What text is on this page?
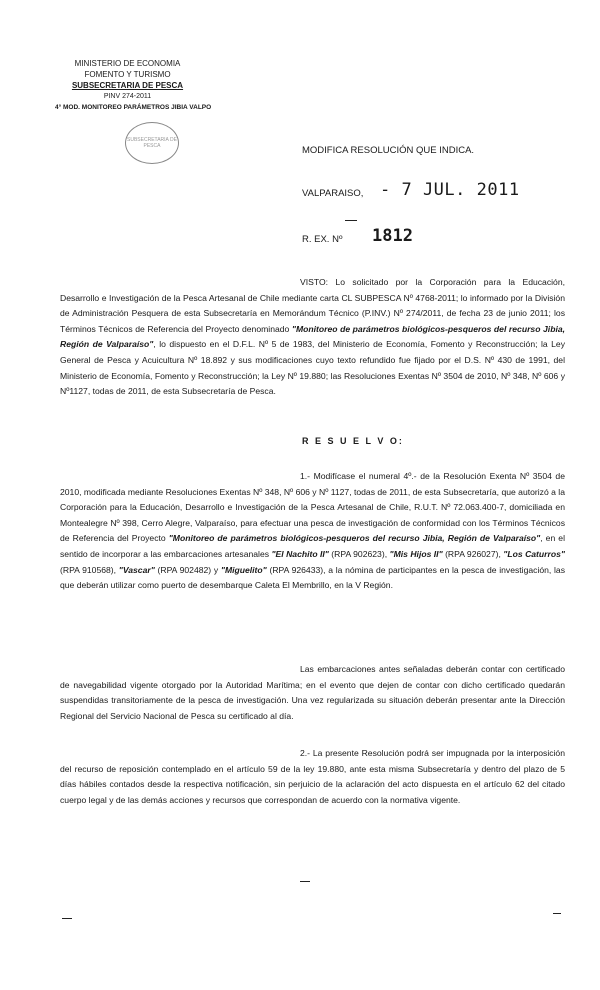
MINISTERIO DE ECONOMIA
FOMENTO Y TURISMO
SUBSECRETARIA DE PESCA
PINV 274-2011
4° MOD. MONITOREO PARÁMETROS JIBIA VALPO
SUBSECRETARIA DE PESCA	MODIFICA RESOLUCIÓN QUE INDICA.
VALPARAISO, - 7 JUL. 2011
R. EX. Nº 1812
VISTO: Lo solicitado por la Corporación para la Educación, Desarrollo e Investigación de la Pesca Artesanal de Chile mediante carta CL SUBPESCA Nº 4768-2011; lo informado por la División de Administración Pesquera de esta Subsecretaría en Memorándum Técnico (P.INV.) Nº 274/2011, de fecha 23 de junio 2011; los Términos Técnicos de Referencia del Proyecto denominado "Monitoreo de parámetros biológicos-pesqueros del recurso Jibia, Región de Valparaíso", lo dispuesto en el D.F.L. Nº 5 de 1983, del Ministerio de Economía, Fomento y Reconstrucción; la Ley General de Pesca y Acuicultura Nº 18.892 y sus modificaciones cuyo texto refundido fue fijado por el D.S. Nº 430 de 1991, del Ministerio de Economía, Fomento y Reconstrucción; la Ley Nº 19.880; las Resoluciones Exentas Nº 3504 de 2010, Nº 348, Nº 606 y Nº1127, todas de 2011, de esta Subsecretaría de Pesca.
R E S U E L V O:
1.- Modifícase el numeral 4º.- de la Resolución Exenta Nº 3504 de 2010, modificada mediante Resoluciones Exentas Nº 348, Nº 606 y Nº 1127, todas de 2011, de esta Subsecretaría, que autorizó a la Corporación para la Educación, Desarrollo e Investigación de la Pesca Artesanal de Chile, R.U.T. Nº 72.063.400-7, domiciliada en Montealegre Nº 398, Cerro Alegre, Valparaíso, para efectuar una pesca de investigación de conformidad con los Términos Técnicos de Referencia del Proyecto "Monitoreo de parámetros biológicos-pesqueros del recurso Jibia, Región de Valparaíso", en el sentido de incorporar a las embarcaciones artesanales "El Nachito II" (RPA 902623), "Mis Hijos II" (RPA 926027), "Los Caturros" (RPA 910568), "Vascar" (RPA 902482) y "Miguelito" (RPA 926433), a la nómina de participantes en la pesca de investigación, las que deberán utilizar como puerto de desembarque Caleta El Membrillo, en la V Región.
Las embarcaciones antes señaladas deberán contar con certificado de navegabilidad vigente otorgado por la Autoridad Marítima; en el evento que dejen de contar con dicho certificado quedarán suspendidas transitoriamente de la pesca de investigación. Una vez regularizada su situación deberán presentar ante la Dirección Regional del Servicio Nacional de Pesca su certificado al día.
2.- La presente Resolución podrá ser impugnada por la interposición del recurso de reposición contemplado en el artículo 59 de la ley 19.880, ante esta misma Subsecretaría y dentro del plazo de 5 días hábiles contados desde la respectiva notificación, sin perjuicio de la aclaración del acto dispuesta en el artículo 62 del citado cuerpo legal y de las demás acciones y recursos que correspondan de acuerdo con la normativa vigente.
